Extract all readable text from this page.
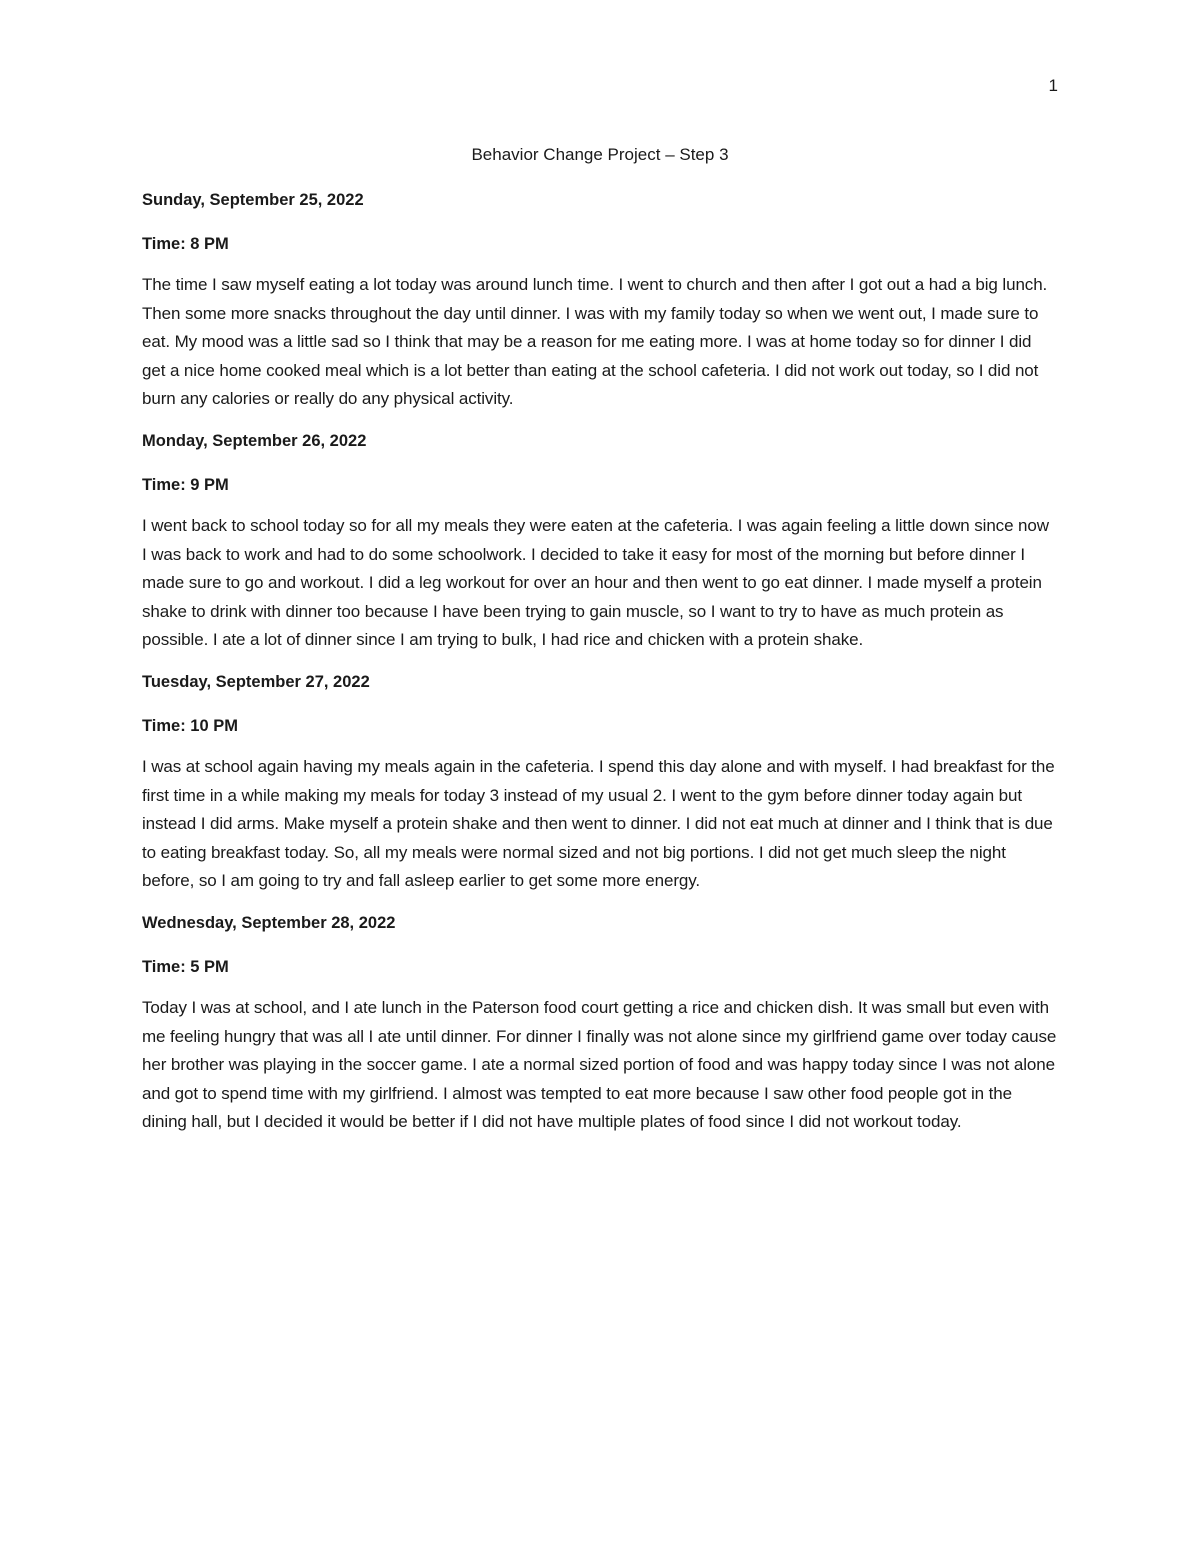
1
Behavior Change Project – Step 3

Sunday, September 25, 2022

Time: 8 PM

The time I saw myself eating a lot today was around lunch time. I went to church and then after I got out a had a big lunch. Then some more snacks throughout the day until dinner. I was with my family today so when we went out, I made sure to eat. My mood was a little sad so I think that may be a reason for me eating more. I was at home today so for dinner I did get a nice home cooked meal which is a lot better than eating at the school cafeteria. I did not work out today, so I did not burn any calories or really do any physical activity.

Monday, September 26, 2022

Time: 9 PM

I went back to school today so for all my meals they were eaten at the cafeteria. I was again feeling a little down since now I was back to work and had to do some schoolwork. I decided to take it easy for most of the morning but before dinner I made sure to go and workout. I did a leg workout for over an hour and then went to go eat dinner. I made myself a protein shake to drink with dinner too because I have been trying to gain muscle, so I want to try to have as much protein as possible. I ate a lot of dinner since I am trying to bulk, I had rice and chicken with a protein shake.

Tuesday, September 27, 2022

Time: 10 PM

I was at school again having my meals again in the cafeteria. I spend this day alone and with myself. I had breakfast for the first time in a while making my meals for today 3 instead of my usual 2. I went to the gym before dinner today again but instead I did arms. Make myself a protein shake and then went to dinner. I did not eat much at dinner and I think that is due to eating breakfast today. So, all my meals were normal sized and not big portions. I did not get much sleep the night before, so I am going to try and fall asleep earlier to get some more energy.

Wednesday, September 28, 2022

Time: 5 PM

Today I was at school, and I ate lunch in the Paterson food court getting a rice and chicken dish. It was small but even with me feeling hungry that was all I ate until dinner. For dinner I finally was not alone since my girlfriend game over today cause her brother was playing in the soccer game. I ate a normal sized portion of food and was happy today since I was not alone and got to spend time with my girlfriend. I almost was tempted to eat more because I saw other food people got in the dining hall, but I decided it would be better if I did not have multiple plates of food since I did not workout today.
